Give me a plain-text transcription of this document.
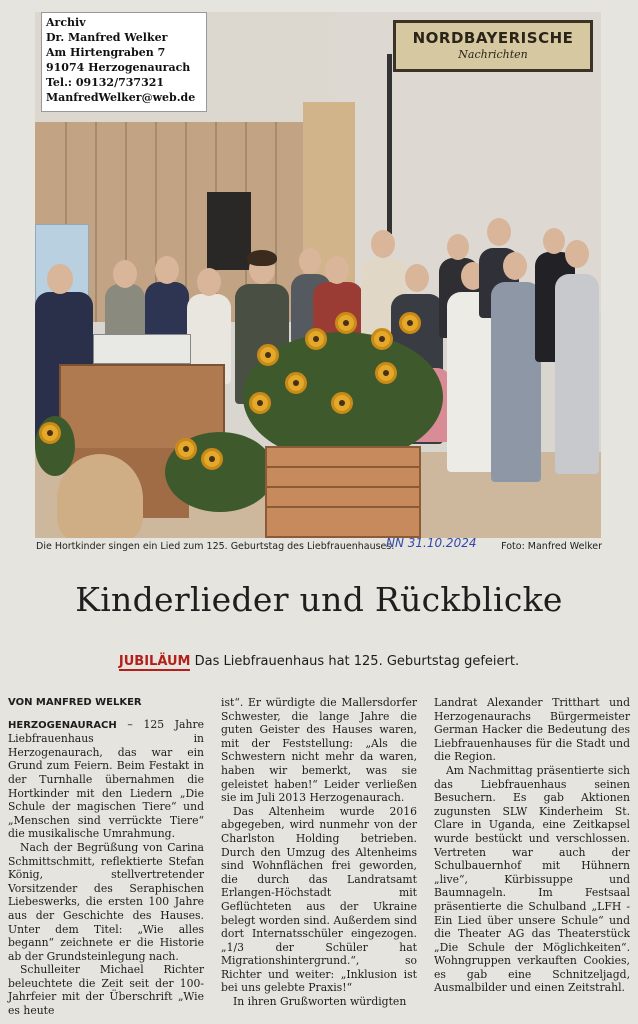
NORDBAYERISCHE
Nachrichten
Archiv
Dr. Manfred Welker
Am Hirtengraben 7
91074 Herzogenaurach
Tel.: 09132/737321
ManfredWelker@web.de
Die Hortkinder singen ein Lied zum 125. Geburtstag des Liebfrauenhauses.	Foto: Manfred Welker
NN 31.10.2024
Kinderlieder und Rückblicke
JUBILÄUM Das Liebfrauenhaus hat 125. Geburtstag gefeiert.
VON MANFRED WELKER

HERZOGENAURACH – 125 Jahre Liebfrauenhaus in Herzogenaurach, das war ein Grund zum Feiern. Beim Festakt in der Turnhalle übernahmen die Hortkinder mit den Liedern „Die Schule der magischen Tiere“ und „Menschen sind verrückte Tiere“ die musikalische Umrahmung.

Nach der Begrüßung von Carina Schmittschmitt, reflektierte Stefan König, stellvertretender Vorsitzender des Seraphischen Liebeswerks, die ersten 100 Jahre aus der Geschichte des Hauses. Unter dem Titel: „Wie alles begann“ zeichnete er die Historie ab der Grundsteinlegung nach.

Schulleiter Michael Richter beleuchtete die Zeit seit der 100-Jahrfeier mit der Überschrift „Wie es heute

ist“. Er würdigte die Mallersdorfer Schwester, die lange Jahre die guten Geister des Hauses waren, mit der Feststellung: „Als die Schwestern nicht mehr da waren, haben wir bemerkt, was sie geleistet haben!“ Leider verließen sie im Juli 2013 Herzogenaurach.

Das Altenheim wurde 2016 abgegeben, wird nunmehr von der Charlston Holding betrieben. Durch den Umzug des Altenheims sind Wohnflächen frei geworden, die durch das Landratsamt Erlangen-Höchstadt mit Geflüchteten aus der Ukraine belegt worden sind. Außerdem sind dort Internatsschüler eingezogen. „1/3 der Schüler hat Migrationshintergrund.“, so Richter und weiter: „Inklusion ist bei uns gelebte Praxis!“

In ihren Grußworten würdigten

Landrat Alexander Tritthart und Herzogenaurachs Bürgermeister German Hacker die Bedeutung des Liebfrauenhauses für die Stadt und die Region.

Am Nachmittag präsentierte sich das Liebfrauenhaus seinen Besuchern. Es gab Aktionen zugunsten SLW Kinderheim St. Clare in Uganda, eine Zeitkapsel wurde bestückt und verschlossen. Vertreten war auch der Schulbauernhof mit Hühnern „live“, Kürbissuppe und Baumnageln. Im Festsaal präsentierte die Schulband „LFH - Ein Lied über unsere Schule“ und die Theater AG das Theaterstück „Die Schule der Möglichkeiten“. Wohngruppen verkauften Cookies, es gab eine Schnitzeljagd, Ausmalbilder und einen Zeitstrahl.
